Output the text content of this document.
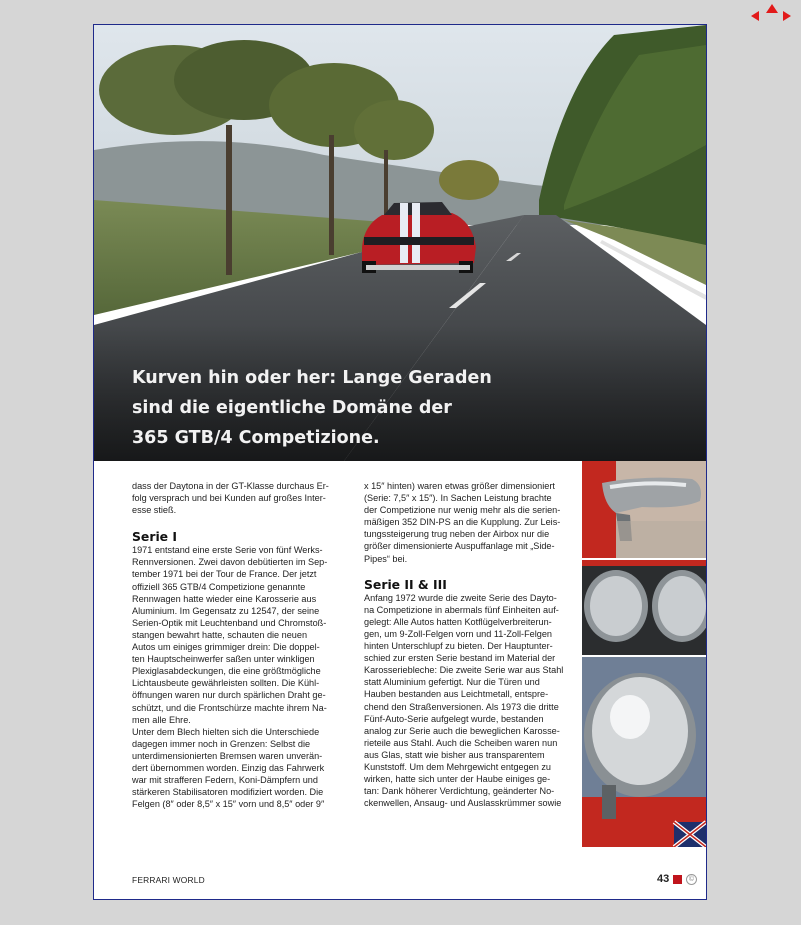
Kurven hin oder her: Lange Geraden
sind die eigentliche Domäne der
365 GTB/4 Competizione.
dass der Daytona in der GT-Klasse durchaus Er-
folg versprach und bei Kunden auf großes Inter-
esse stieß.
Serie I
1971 entstand eine erste Serie von fünf Werks-
Rennversionen. Zwei davon debütierten im Sep-
tember 1971 bei der Tour de France. Der jetzt
offiziell 365 GTB/4 Competizione genannte
Rennwagen hatte wieder eine Karosserie aus
Aluminium. Im Gegensatz zu 12547, der seine
Serien-Optik mit Leuchtenband und Chromstoß-
stangen bewahrt hatte, schauten die neuen
Autos um einiges grimmiger drein: Die doppel-
ten Hauptscheinwerfer saßen unter winkligen
Plexiglasabdeckungen, die eine größtmögliche
Lichtausbeute gewährleisten sollten. Die Kühl-
öffnungen waren nur durch spärlichen Draht ge-
schützt, und die Frontschürze machte ihrem Na-
men alle Ehre.
Unter dem Blech hielten sich die Unterschiede
dagegen immer noch in Grenzen: Selbst die
unterdimensionierten Bremsen waren unverän-
dert übernommen worden. Einzig das Fahrwerk
war mit strafferen Federn, Koni-Dämpfern und
stärkeren Stabilisatoren modifiziert worden. Die
Felgen (8″ oder 8,5″ x 15″ vorn und 8,5″ oder 9″
x 15″ hinten) waren etwas größer dimensioniert
(Serie: 7,5″ x 15″). In Sachen Leistung brachte
der Competizione nur wenig mehr als die serien-
mäßigen 352 DIN-PS an die Kupplung. Zur Leis-
tungssteigerung trug neben der Airbox nur die
größer dimensionierte Auspuffanlage mit „Side-
Pipes“ bei.
Serie II & III
Anfang 1972 wurde die zweite Serie des Dayto-
na Competizione in abermals fünf Einheiten auf-
gelegt: Alle Autos hatten Kotflügelverbreiterun-
gen, um 9-Zoll-Felgen vorn und 11-Zoll-Felgen
hinten Unterschlupf zu bieten. Der Hauptunter-
schied zur ersten Serie bestand im Material der
Karosseriebleche: Die zweite Serie war aus Stahl
statt Aluminium gefertigt. Nur die Türen und
Hauben bestanden aus Leichtmetall, entspre-
chend den Straßenversionen. Als 1973 die dritte
Fünf-Auto-Serie aufgelegt wurde, bestanden
analog zur Serie auch die beweglichen Karosse-
rieteile aus Stahl. Auch die Scheiben waren nun
aus Glas, statt wie bisher aus transparentem
Kunststoff. Um dem Mehrgewicht entgegen zu
wirken, hatte sich unter der Haube einiges ge-
tan: Dank höherer Verdichtung, geänderter No-
ckenwellen, Ansaug- und Auslasskrümmer sowie
FERRARI WORLD	43	©
